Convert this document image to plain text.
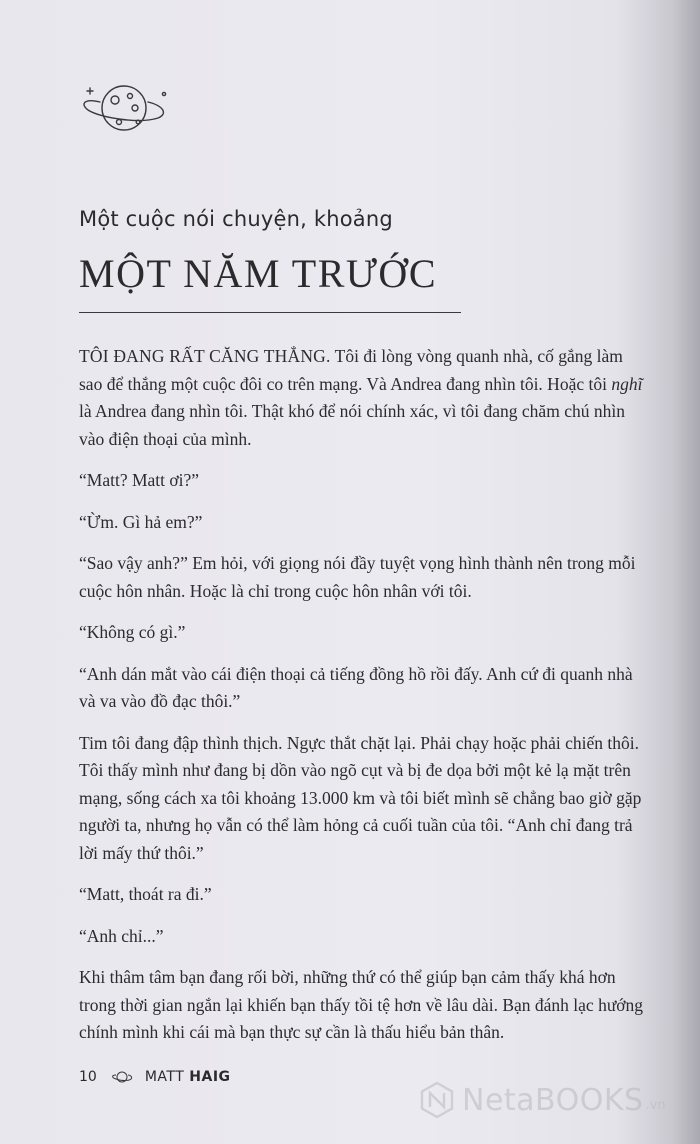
Một cuộc nói chuyện, khoảng
MỘT NĂM TRƯỚC

TÔI ĐANG RẤT CĂNG THẲNG. Tôi đi lòng vòng quanh nhà, cố gắng làm sao để thắng một cuộc đôi co trên mạng. Và Andrea đang nhìn tôi. Hoặc tôi nghĩ là Andrea đang nhìn tôi. Thật khó để nói chính xác, vì tôi đang chăm chú nhìn vào điện thoại của mình.

“Matt? Matt ơi?”

“Ừm. Gì hả em?”

“Sao vậy anh?” Em hỏi, với giọng nói đầy tuyệt vọng hình thành nên trong mỗi cuộc hôn nhân. Hoặc là chỉ trong cuộc hôn nhân với tôi.

“Không có gì.”

“Anh dán mắt vào cái điện thoại cả tiếng đồng hồ rồi đấy. Anh cứ đi quanh nhà và va vào đồ đạc thôi.”

Tim tôi đang đập thình thịch. Ngực thắt chặt lại. Phải chạy hoặc phải chiến thôi. Tôi thấy mình như đang bị dồn vào ngõ cụt và bị đe dọa bởi một kẻ lạ mặt trên mạng, sống cách xa tôi khoảng 13.000 km và tôi biết mình sẽ chẳng bao giờ gặp người ta, nhưng họ vẫn có thể làm hỏng cả cuối tuần của tôi. “Anh chỉ đang trả lời mấy thứ thôi.”

“Matt, thoát ra đi.”

“Anh chỉ...”

Khi thâm tâm bạn đang rối bời, những thứ có thể giúp bạn cảm thấy khá hơn trong thời gian ngắn lại khiến bạn thấy tồi tệ hơn về lâu dài. Bạn đánh lạc hướng chính mình khi cái mà bạn thực sự cần là thấu hiểu bản thân.

10	MATT HAIG
NetaBOOKS .vn
